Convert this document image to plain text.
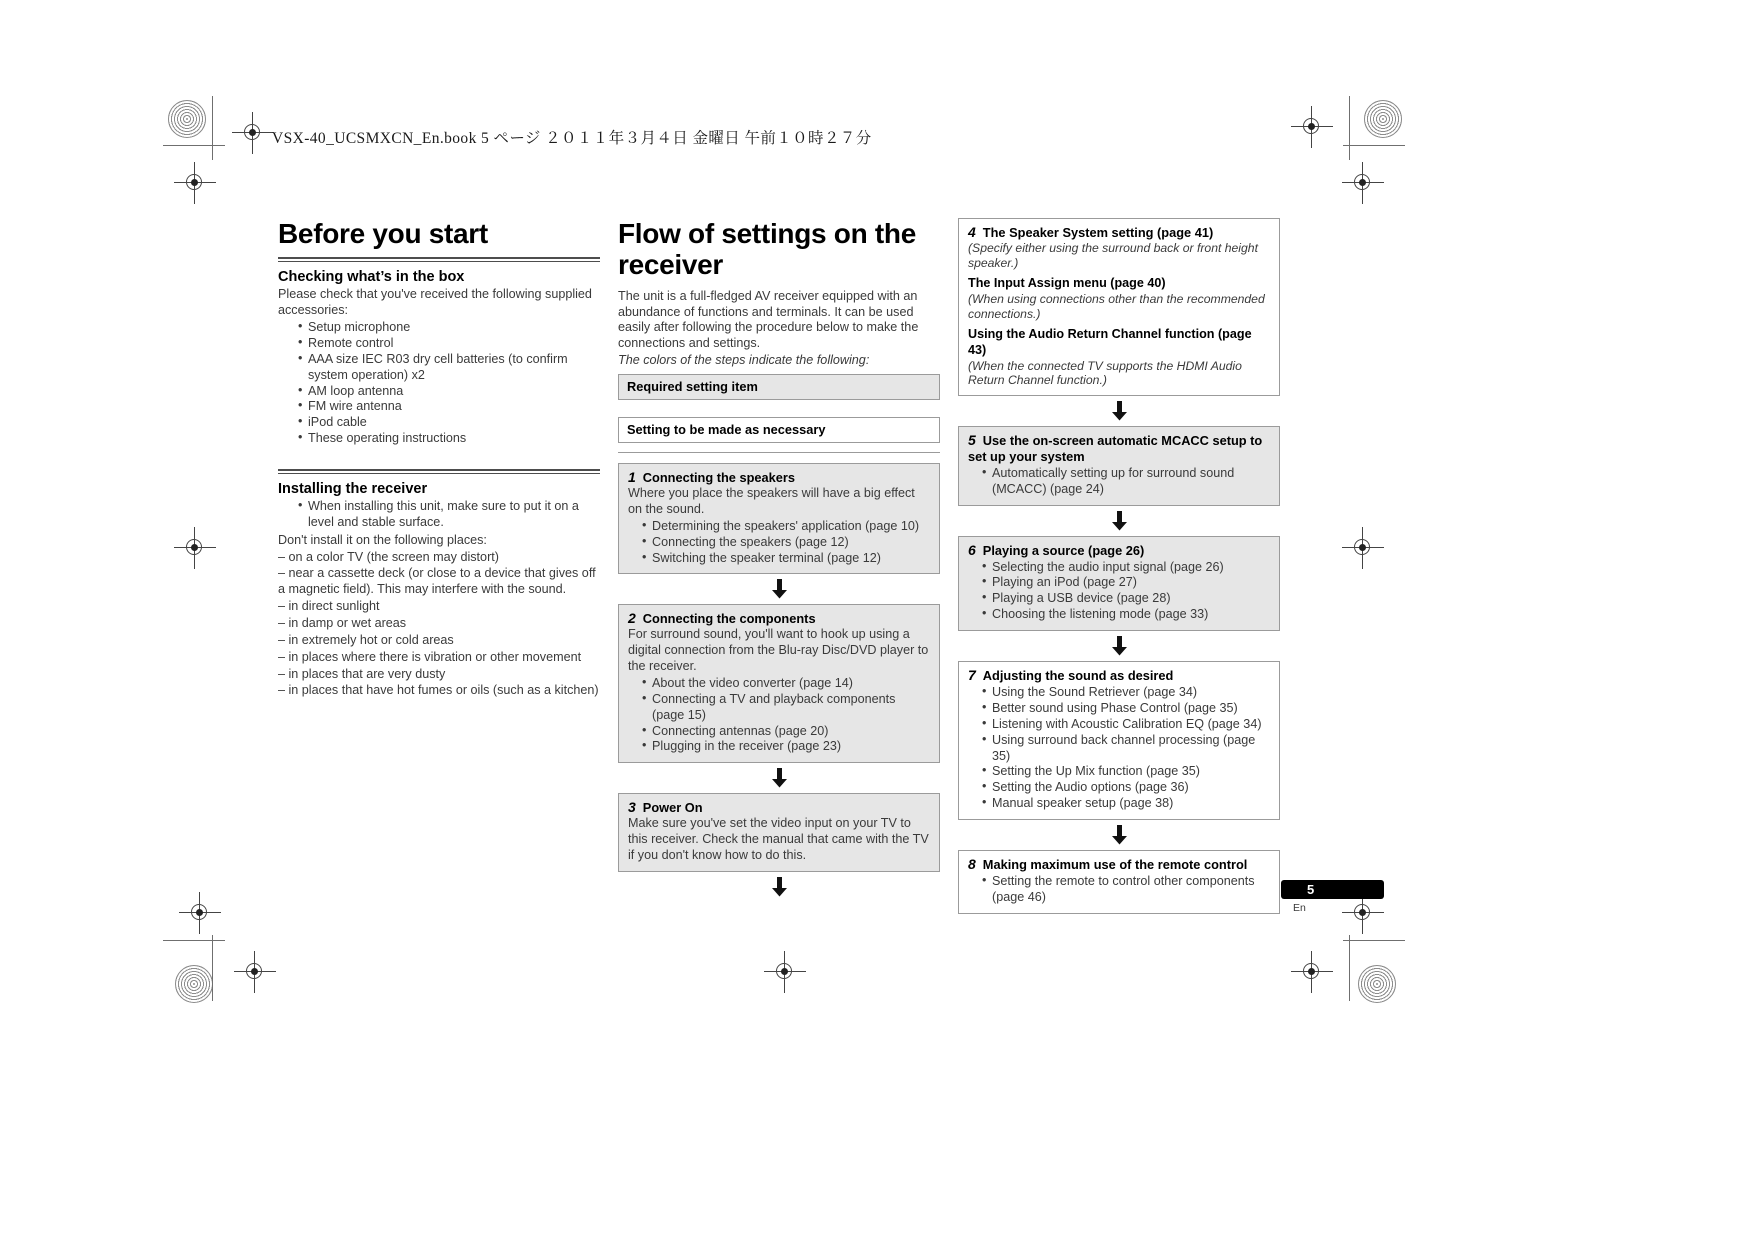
VSX-40_UCSMXCN_En.book 5 ページ ２０１１年３月４日 金曜日 午前１０時２７分
Before you start
Checking what’s in the box

Please check that you've received the following supplied accessories:

• Setup microphone
• Remote control
• AAA size IEC R03 dry cell batteries (to confirm system operation) x2
• AM loop antenna
• FM wire antenna
• iPod cable
• These operating instructions
Installing the receiver
• When installing this unit, make sure to put it on a level and stable surface.

Don't install it on the following places:

– on a color TV (the screen may distort)

– near a cassette deck (or close to a device that gives off a magnetic field). This may interfere with the sound.

– in direct sunlight

– in damp or wet areas

– in extremely hot or cold areas

– in places where there is vibration or other movement

– in places that are very dusty

– in places that have hot fumes or oils (such as a kitchen)

Flow of settings on the receiver

The unit is a full-fledged AV receiver equipped with an abundance of functions and terminals. It can be used easily after following the procedure below to make the connections and settings.

The colors of the steps indicate the following:

Required setting item
Setting to be made as necessary

1 Connecting the speakers

Where you place the speakers will have a big effect on the sound.

• Determining the speakers' application (page 10)
• Connecting the speakers (page 12)
• Switching the speaker terminal (page 12)

2 Connecting the components

For surround sound, you'll want to hook up using a digital connection from the Blu-ray Disc/DVD player to the receiver.

• About the video converter (page 14)
• Connecting a TV and playback components (page 15)
• Connecting antennas (page 20)
• Plugging in the receiver (page 23)

3 Power On

Make sure you've set the video input on your TV to this receiver. Check the manual that came with the TV if you don't know how to do this.

4 The Speaker System setting (page 41)

(Specify either using the surround back or front height speaker.)

The Input Assign menu (page 40)

(When using connections other than the recommended connections.)

Using the Audio Return Channel function (page 43)

(When the connected TV supports the HDMI Audio Return Channel function.)

5 Use the on-screen automatic MCACC setup to set up your system

• Automatically setting up for surround sound (MCACC) (page 24)

6 Playing a source (page 26)

• Selecting the audio input signal (page 26)
• Playing an iPod (page 27)
• Playing a USB device (page 28)
• Choosing the listening mode (page 33)

7 Adjusting the sound as desired

• Using the Sound Retriever (page 34)
• Better sound using Phase Control (page 35)
• Listening with Acoustic Calibration EQ (page 34)
• Using surround back channel processing (page 35)
• Setting the Up Mix function (page 35)
• Setting the Audio options (page 36)
• Manual speaker setup (page 38)

8 Making maximum use of the remote control

• Setting the remote to control other components (page 46)	5
En
